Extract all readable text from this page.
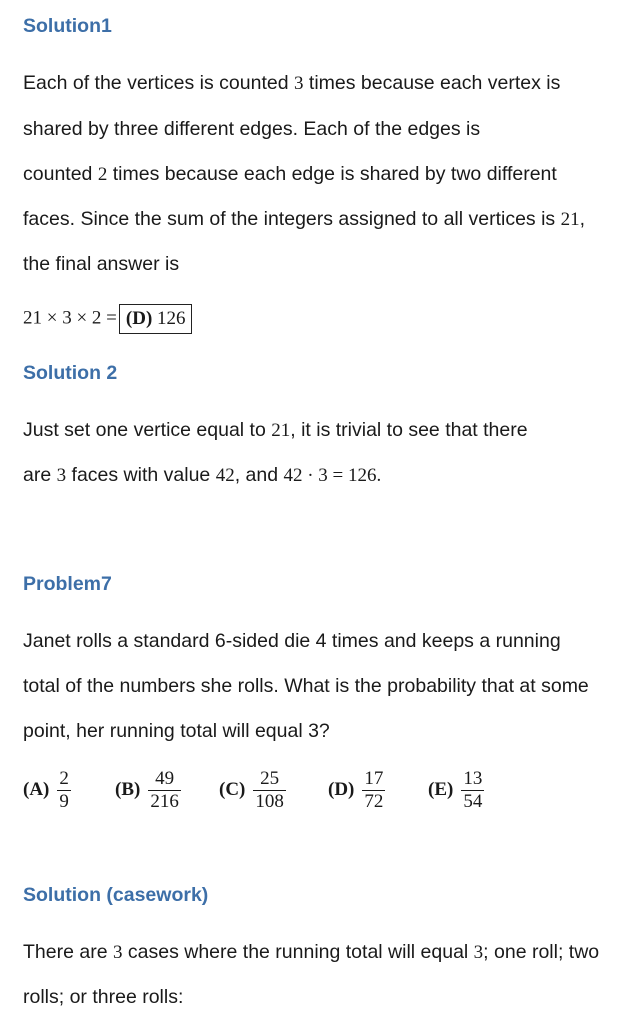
Solution1
Each of the vertices is counted 3 times because each vertex is
shared by three different edges. Each of the edges is
counted 2 times because each edge is shared by two different
faces. Since the sum of the integers assigned to all vertices is 21,
the final answer is
21 × 3 × 2 = (D) 126
Solution 2
Just set one vertice equal to 21, it is trivial to see that there
are 3 faces with value 42, and 42 · 3 = 126.
Problem7
Janet rolls a standard 6-sided die 4 times and keeps a running
total of the numbers she rolls. What is the probability that at some
point, her running total will equal 3?
$(A) \frac{2}{9} (B) \frac{49}{216} (C) \frac{25}{108} (D) \frac{17}{72} (E) \frac{13}{54}$
Solution (casework)
There are 3 cases where the running total will equal 3; one roll; two
rolls; or three rolls:
